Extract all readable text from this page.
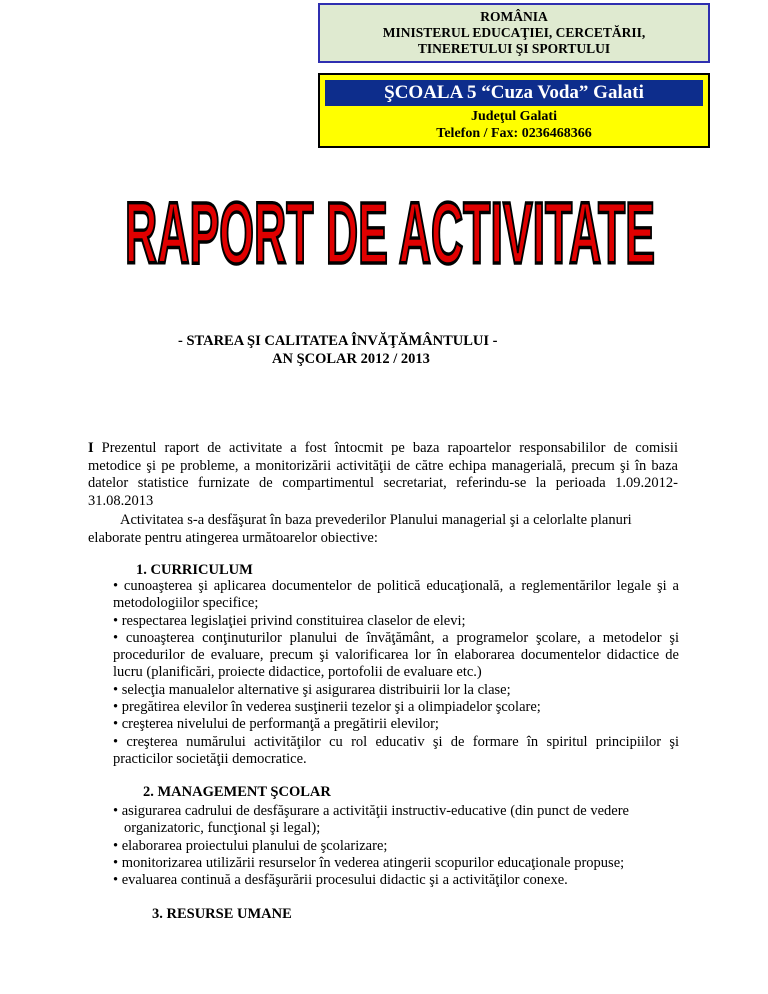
ROMÂNIA
MINISTERUL EDUCAŢIEI, CERCETĂRII,
TINERETULUI ŞI SPORTULUI
ŞCOALA 5 “Cuza Voda” Galati
Judeţul Galati
Telefon / Fax: 0236468366
RAPORT DE ACTIVITATE
- STAREA ŞI CALITATEA ÎNVĂŢĂMÂNTULUI -
AN ŞCOLAR 2012 / 2013
I Prezentul raport de activitate a fost întocmit pe baza rapoartelor responsabililor de comisii metodice şi pe probleme, a monitorizării activităţii de către echipa managerială, precum şi în baza datelor statistice furnizate de compartimentul secretariat, referindu-se la perioada 1.09.2012- 31.08.2013
Activitatea s-a desfăşurat în baza prevederilor Planului managerial şi a celorlalte planuri elaborate pentru atingerea următoarelor obiective:
1. CURRICULUM
• cunoaşterea şi aplicarea documentelor de politică educaţională, a reglementărilor legale şi a metodologiilor specifice;
• respectarea legislaţiei privind constituirea claselor de elevi;
• cunoaşterea conţinuturilor planului de învăţământ, a programelor şcolare, a metodelor şi procedurilor de evaluare, precum şi valorificarea lor în elaborarea documentelor didactice de lucru (planificări, proiecte didactice, portofolii de evaluare etc.)
• selecţia manualelor alternative şi asigurarea distribuirii lor la clase;
• pregătirea elevilor în vederea susţinerii tezelor şi a olimpiadelor şcolare;
• creşterea nivelului de performanţă a pregătirii elevilor;
• creşterea numărului activităţilor cu rol educativ şi de formare în spiritul principiilor şi practicilor societăţii democratice.
2. MANAGEMENT ŞCOLAR
• asigurarea cadrului de desfăşurare a activităţii instructiv-educative (din punct de vedere
organizatoric, funcţional şi legal);
• elaborarea proiectului planului de şcolarizare;
• monitorizarea utilizării resurselor în vederea atingerii scopurilor educaţionale propuse;
• evaluarea continuă a desfăşurării procesului didactic şi a activităţilor conexe.
3. RESURSE UMANE
